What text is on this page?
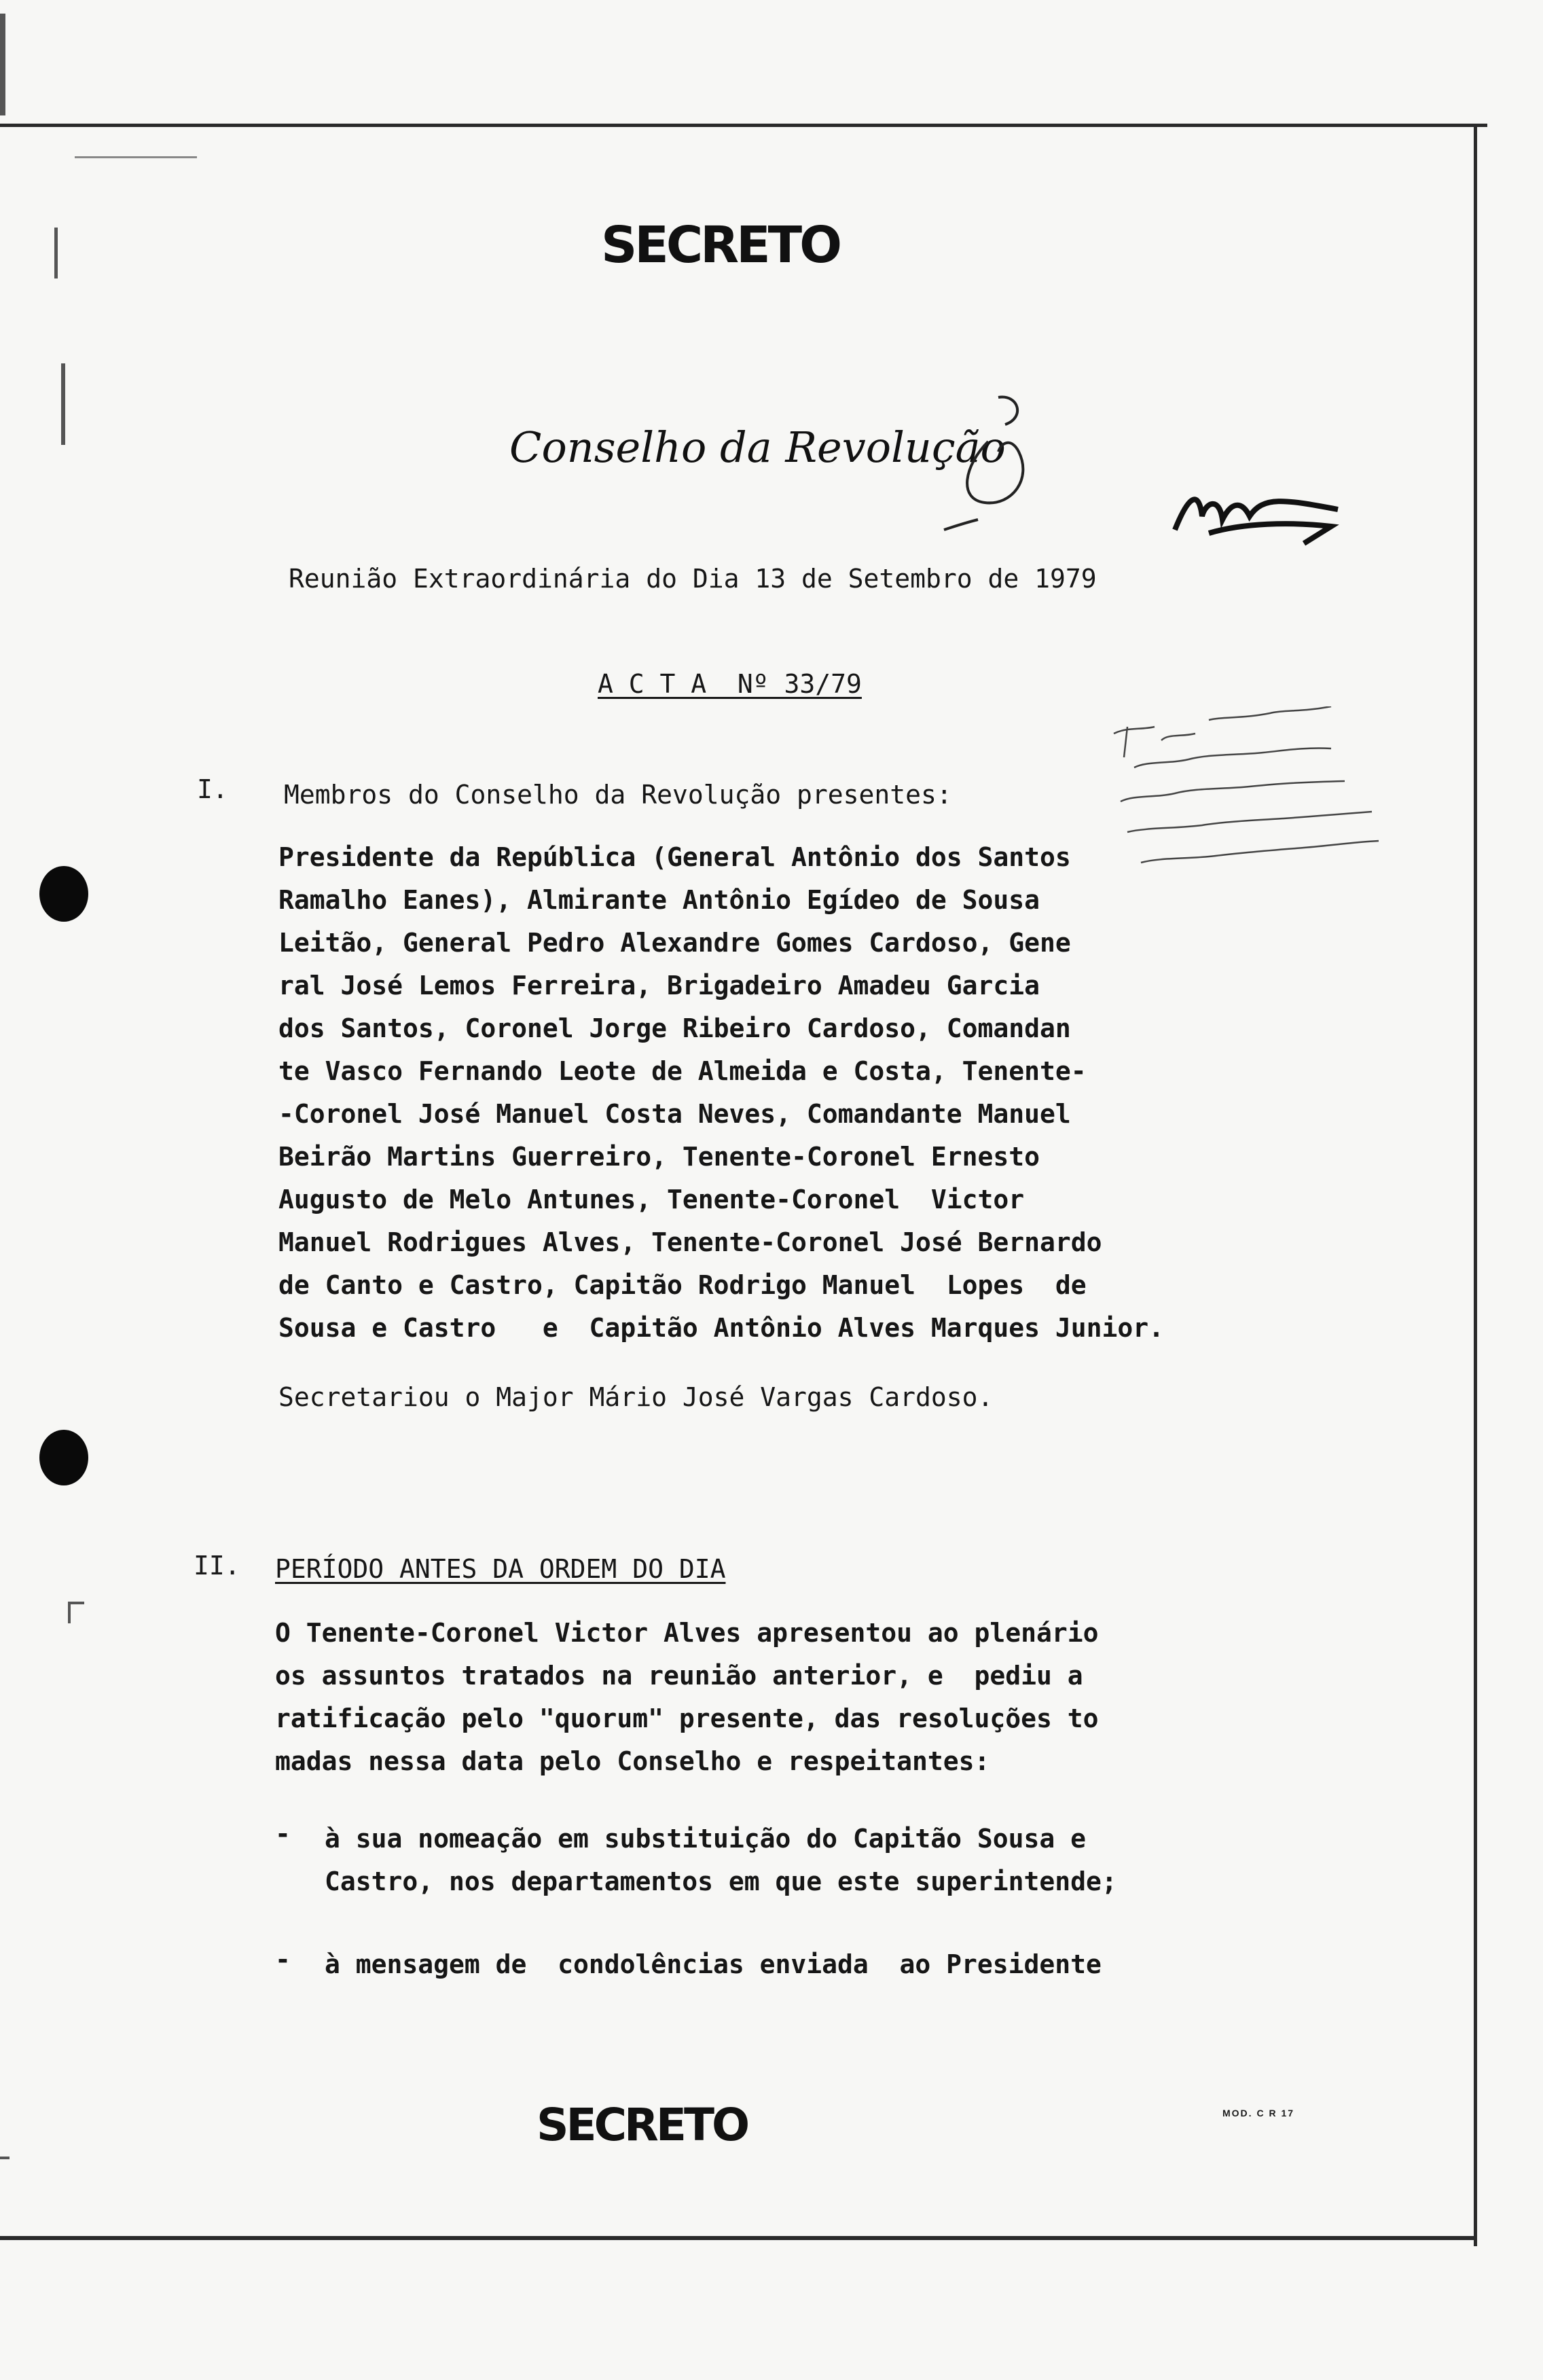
SECRETO
Conselho da Revolução
Reunião Extraordinária do Dia 13 de Setembro de 1979
A C T A  Nº 33/79
I. Membros do Conselho da Revolução presentes:
Presidente da República (General Antônio dos Santos
Ramalho Eanes), Almirante Antônio Egídeo de Sousa
Leitão, General Pedro Alexandre Gomes Cardoso, Gene
ral José Lemos Ferreira, Brigadeiro Amadeu Garcia
dos Santos, Coronel Jorge Ribeiro Cardoso, Comandan
te Vasco Fernando Leote de Almeida e Costa, Tenente-
-Coronel José Manuel Costa Neves, Comandante Manuel
Beirão Martins Guerreiro, Tenente-Coronel Ernesto
Augusto de Melo Antunes, Tenente-Coronel  Victor
Manuel Rodrigues Alves, Tenente-Coronel José Bernardo
de Canto e Castro, Capitão Rodrigo Manuel  Lopes  de
Sousa e Castro   e  Capitão Antônio Alves Marques Junior.
Secretariou o Major Mário José Vargas Cardoso.
II. PERÍODO ANTES DA ORDEM DO DIA
O Tenente-Coronel Victor Alves apresentou ao plenário
os assuntos tratados na reunião anterior, e  pediu a
ratificação pelo "quorum" presente, das resoluções to
madas nessa data pelo Conselho e respeitantes:
- à sua nomeação em substituição do Capitão Sousa e
Castro, nos departamentos em que este superintende;
- à mensagem de  condolências enviada  ao Presidente
SECRETO	MOD. C R 17
